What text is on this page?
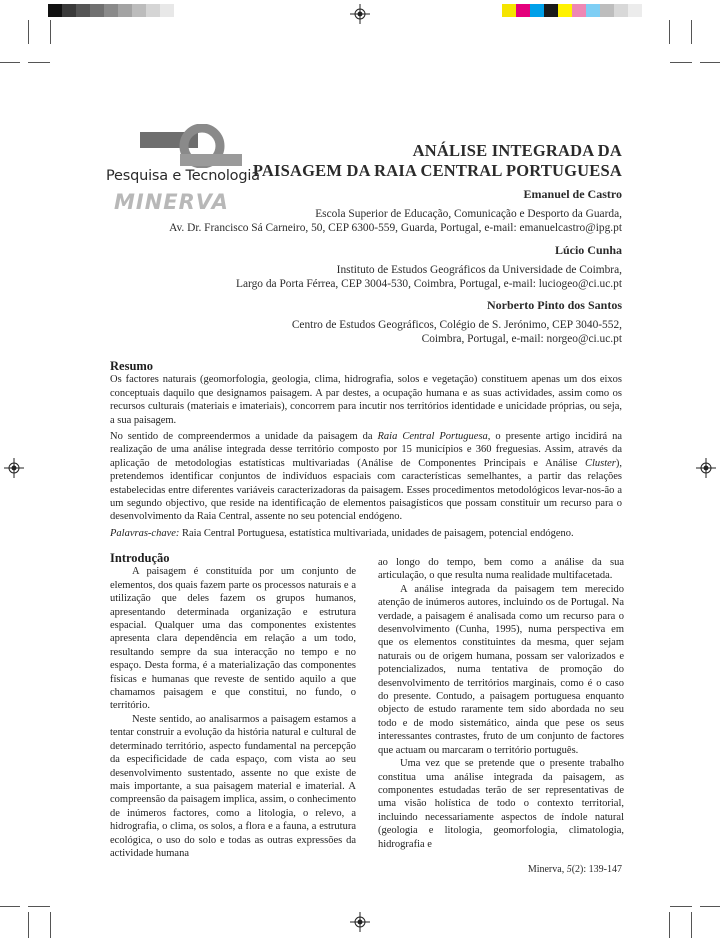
Pesquisa e Tecnologia
MINERVA
ANÁLISE INTEGRADA DA
PAISAGEM DA RAIA CENTRAL PORTUGUESA
Emanuel de Castro
Escola Superior de Educação, Comunicação e Desporto da Guarda,
Av. Dr. Francisco Sá Carneiro, 50, CEP 6300-559, Guarda, Portugal, e-mail: emanuelcastro@ipg.pt
Lúcio Cunha
Instituto de Estudos Geográficos da Universidade de Coimbra,
Largo da Porta Férrea, CEP 3004-530, Coimbra, Portugal, e-mail: luciogeo@ci.uc.pt
Norberto Pinto dos Santos
Centro de Estudos Geográficos, Colégio de S. Jerónimo, CEP 3040-552,
Coimbra, Portugal, e-mail: norgeo@ci.uc.pt
Resumo
Os factores naturais (geomorfologia, geologia, clima, hidrografia, solos e vegetação) constituem apenas um dos eixos conceptuais daquilo que designamos paisagem. A par destes, a ocupação humana e as suas actividades, assim como os recursos culturais (materiais e imateriais), concorrem para incutir nos territórios identidade e unicidade próprias, ou seja, a sua paisagem.
No sentido de compreendermos a unidade da paisagem da Raia Central Portuguesa, o presente artigo incidirá na realização de uma análise integrada desse território composto por 15 municípios e 360 freguesias. Assim, através da aplicação de metodologias estatísticas multivariadas (Análise de Componentes Principais e Análise Cluster), pretendemos identificar conjuntos de indivíduos espaciais com características semelhantes, a partir das relações estabelecidas entre diferentes variáveis caracterizadoras da paisagem. Esses procedimentos metodológicos levar-nos-ão a um segundo objectivo, que reside na identificação de elementos paisagísticos que possam constituir um recurso para o desenvolvimento da Raia Central, assente no seu potencial endógeno.
Palavras-chave: Raia Central Portuguesa, estatística multivariada, unidades de paisagem, potencial endógeno.
Introdução

A paisagem é constituída por um conjunto de elementos, dos quais fazem parte os processos naturais e a utilização que deles fazem os grupos humanos, apresentando determinada organização e estrutura espacial. Qualquer uma das componentes existentes apresenta clara dependência em relação a um todo, resultando sempre da sua interacção no tempo e no espaço. Desta forma, é a materialização das componentes físicas e humanas que reveste de sentido aquilo a que chamamos paisagem e que constitui, no fundo, o território.

Neste sentido, ao analisarmos a paisagem estamos a tentar construir a evolução da história natural e cultural de determinado território, aspecto fundamental na percepção da especificidade de cada espaço, com vista ao seu desenvolvimento sustentado, assente no que existe de mais importante, a sua paisagem material e imaterial. A compreensão da paisagem implica, assim, o conhecimento de inúmeros factores, como a litologia, o relevo, a hidrografia, o clima, os solos, a flora e a fauna, a estrutura ecológica, o uso do solo e todas as outras expressões da actividade humana

ao longo do tempo, bem como a análise da sua articulação, o que resulta numa realidade multifacetada.

A análise integrada da paisagem tem merecido atenção de inúmeros autores, incluindo os de Portugal. Na verdade, a paisagem é analisada como um recurso para o desenvolvimento (Cunha, 1995), numa perspectiva em que os elementos constituintes da mesma, quer sejam naturais ou de origem humana, possam ser valorizados e potencializados, numa tentativa de promoção do desenvolvimento de territórios marginais, como é o caso do presente. Contudo, a paisagem portuguesa enquanto objecto de estudo raramente tem sido abordada no seu todo e de modo sistemático, ainda que pese os seus interessantes contrastes, fruto de um conjunto de factores que actuam ou marcaram o território português.

Uma vez que se pretende que o presente trabalho constitua uma análise integrada da paisagem, as componentes estudadas terão de ser representativas de uma visão holística de todo o contexto territorial, incluindo necessariamente aspectos de índole natural (geologia e litologia, geomorfologia, climatologia, hidrografia e

Minerva, 5(2): 139-147
